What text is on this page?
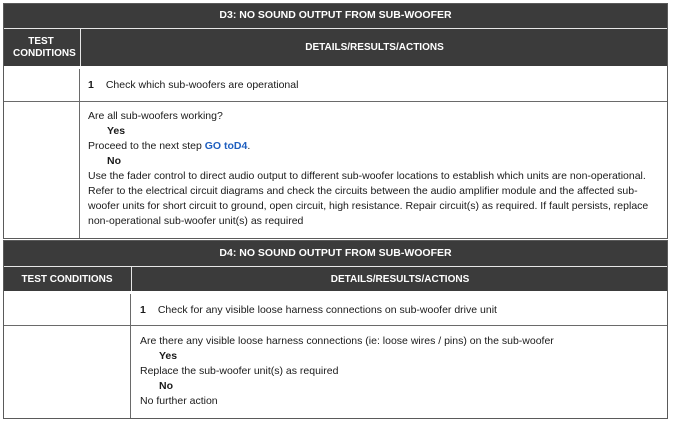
D3: NO SOUND OUTPUT FROM SUB-WOOFER
TEST CONDITIONS	DETAILS/RESULTS/ACTIONS
1 Check which sub-woofers are operational

Are all sub-woofers working?

Yes

Proceed to the next step GO toD4.

No

Use the fader control to direct audio output to different sub-woofer locations to establish which units are non-operational. Refer to the electrical circuit diagrams and check the circuits between the audio amplifier module and the affected sub-woofer units for short circuit to ground, open circuit, high resistance. Repair circuit(s) as required. If fault persists, replace non-operational sub-woofer unit(s) as required

D4: NO SOUND OUTPUT FROM SUB-WOOFER
TEST CONDITIONS	DETAILS/RESULTS/ACTIONS
1 Check for any visible loose harness connections on sub-woofer drive unit

Are there any visible loose harness connections (ie: loose wires / pins) on the sub-woofer

Yes

Replace the sub-woofer unit(s) as required

No

No further action
